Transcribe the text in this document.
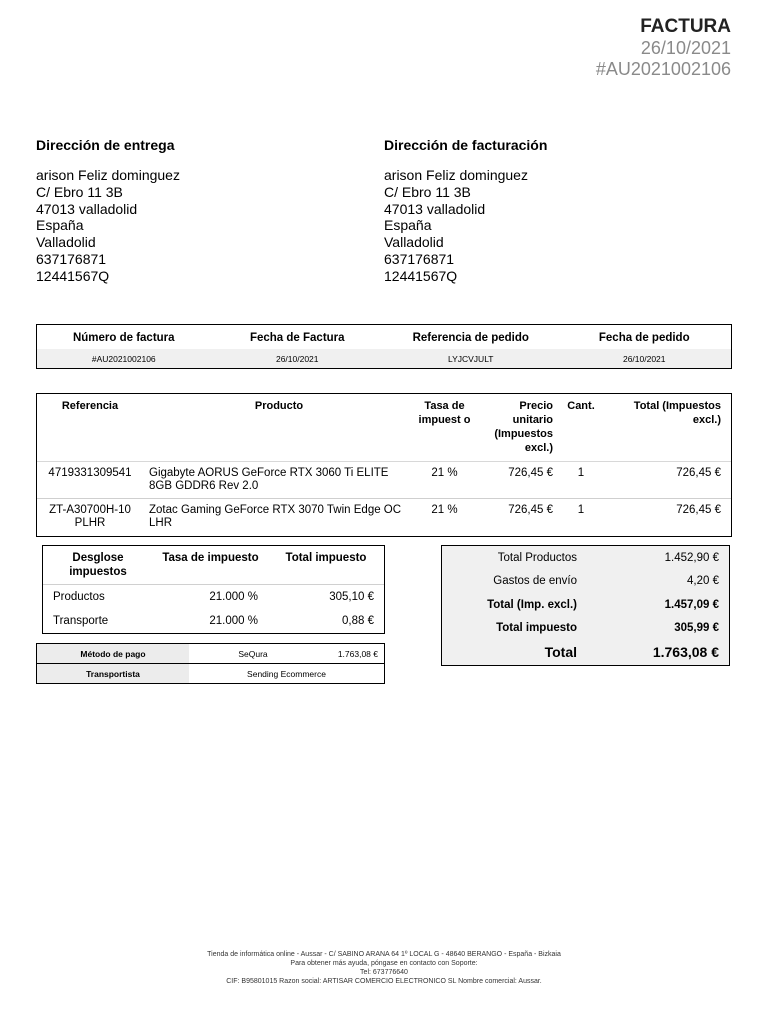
FACTURA
26/10/2021
#AU2021002106
Dirección de entrega
arison Feliz dominguez
C/ Ebro 11 3B
47013 valladolid
España
Valladolid
637176871
12441567Q
Dirección de facturación
arison Feliz dominguez
C/ Ebro 11 3B
47013 valladolid
España
Valladolid
637176871
12441567Q
Número de factura	Fecha de Factura	Referencia de pedido	Fecha de pedido
#AU2021002106	26/10/2021	LYJCVJULT	26/10/2021
Referencia	Producto	Tasa de impuest o	Precio unitario (Impuestos excl.)	Cant.	Total (Impuestos excl.)
4719331309541	Gigabyte AORUS GeForce RTX 3060 Ti ELITE 8GB GDDR6 Rev 2.0	21 %	726,45 €	1	726,45 €
ZT-A30700H-10 PLHR	Zotac Gaming GeForce RTX 3070 Twin Edge OC LHR	21 %	726,45 €	1	726,45 €
Desglose impuestos	Tasa de impuesto	Total impuesto
Productos	21.000 %	305,10 €
Transporte	21.000 %	0,88 €
Método de pago	SeQura	1.763,08 €
Transportista	Sending Ecommerce	
Total Productos	1.452,90 €
Gastos de envío	4,20 €
Total (Imp. excl.)	1.457,09 €
Total impuesto	305,99 €
Total	1.763,08 €
Tienda de informática online - Aussar - C/ SABINO ARANA 64 1º LOCAL G - 48640 BERANGO - España - Bizkaia
Para obtener más ayuda, póngase en contacto con Soporte:
Tel: 673776640
CIF: B95801015 Razon social: ARTISAR COMERCIO ELECTRONICO SL Nombre comercial: Aussar.
